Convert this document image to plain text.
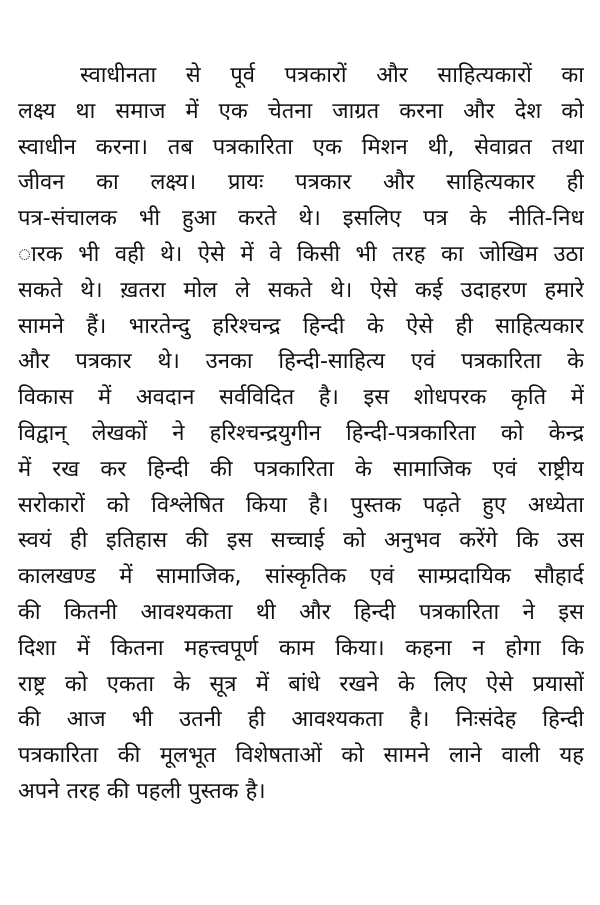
स्वाधीनता से पूर्व पत्रकारों और साहित्यकारों का
लक्ष्य था समाज में एक चेतना जाग्रत करना और देश को
स्वाधीन करना। तब पत्रकारिता एक मिशन थी, सेवाव्रत तथा
जीवन का लक्ष्य। प्रायः पत्रकार और साहित्यकार ही
पत्र-संचालक भी हुआ करते थे। इसलिए पत्र के नीति-निध
ारक भी वही थे। ऐसे में वे किसी भी तरह का जोखिम उठा
सकते थे। ख़तरा मोल ले सकते थे। ऐसे कई उदाहरण हमारे
सामने हैं। भारतेन्दु हरिश्चन्द्र हिन्दी के ऐसे ही साहित्यकार
और पत्रकार थे। उनका हिन्दी-साहित्य एवं पत्रकारिता के
विकास में अवदान सर्वविदित है। इस शोधपरक कृति में
विद्वान् लेखकों ने हरिश्चन्द्रयुगीन हिन्दी-पत्रकारिता को केन्द्र
में रख कर हिन्दी की पत्रकारिता के सामाजिक एवं राष्ट्रीय
सरोकारों को विश्लेषित किया है। पुस्तक पढ़ते हुए अध्येता
स्वयं ही इतिहास की इस सच्चाई को अनुभव करेंगे कि उस
कालखण्ड में सामाजिक, सांस्कृतिक एवं साम्प्रदायिक सौहार्द
की कितनी आवश्यकता थी और हिन्दी पत्रकारिता ने इस
दिशा में कितना महत्त्वपूर्ण काम किया। कहना न होगा कि
राष्ट्र को एकता के सूत्र में बांधे रखने के लिए ऐसे प्रयासों
की आज भी उतनी ही आवश्यकता है। निःसंदेह हिन्दी
पत्रकारिता की मूलभूत विशेषताओं को सामने लाने वाली यह
अपने तरह की पहली पुस्तक है।
